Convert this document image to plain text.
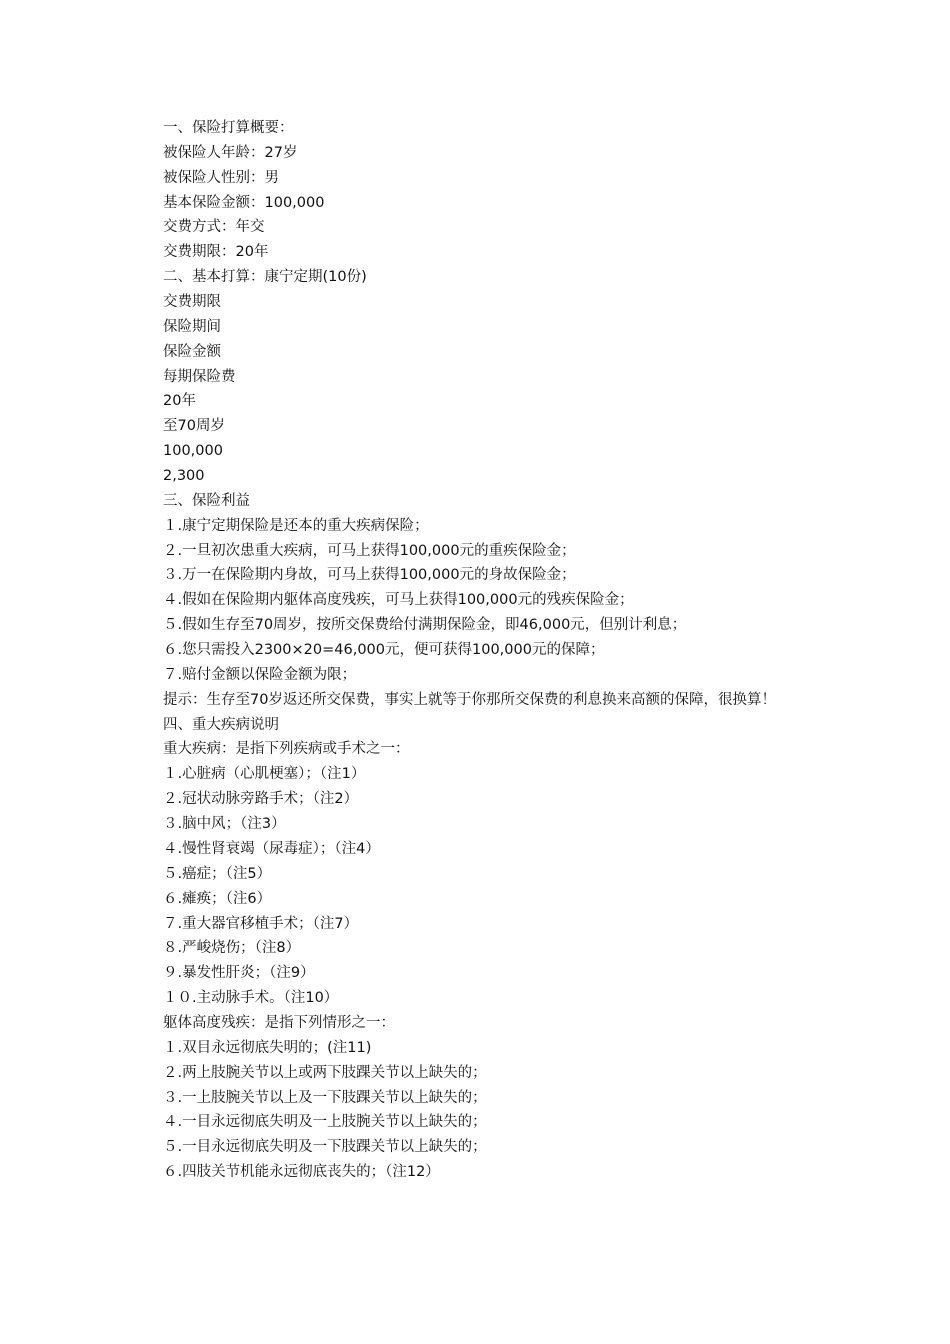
一、保险打算概要：
被保险人年龄：27岁
被保险人性别：男
基本保险金额：100,000
交费方式：年交
交费期限：20年
二、基本打算：康宁定期(10份)
交费期限
保险期间
保险金额
每期保险费
20年
至70周岁
100,000
2,300
三、保险利益
１.康宁定期保险是还本的重大疾病保险；
２.一旦初次患重大疾病，可马上获得100,000元的重疾保险金；
３.万一在保险期内身故，可马上获得100,000元的身故保险金；
４.假如在保险期内躯体高度残疾，可马上获得100,000元的残疾保险金；
５.假如生存至70周岁，按所交保费给付满期保险金，即46,000元，但别计利息；
６.您只需投入2300×20=46,000元，便可获得100,000元的保障；
７.赔付金额以保险金额为限；
提示：生存至70岁返还所交保费，事实上就等于你那所交保费的利息换来高额的保障，很换算！
四、重大疾病说明
重大疾病：是指下列疾病或手术之一：
１.心脏病（心肌梗塞）；（注1）
２.冠状动脉旁路手术；（注2）
３.脑中风；（注3）
４.慢性肾衰竭（尿毒症）；（注4）
５.癌症；（注5）
６.瘫痪；（注6）
７.重大器官移植手术；（注7）
８.严峻烧伤；（注8）
９.暴发性肝炎；（注9）
１０.主动脉手术。（注10）
躯体高度残疾：是指下列情形之一：
１.双目永远彻底失明的；(注11)
２.两上肢腕关节以上或两下肢踝关节以上缺失的；
３.一上肢腕关节以上及一下肢踝关节以上缺失的；
４.一目永远彻底失明及一上肢腕关节以上缺失的；
５.一目永远彻底失明及一下肢踝关节以上缺失的；
６.四肢关节机能永远彻底丧失的；（注12）
